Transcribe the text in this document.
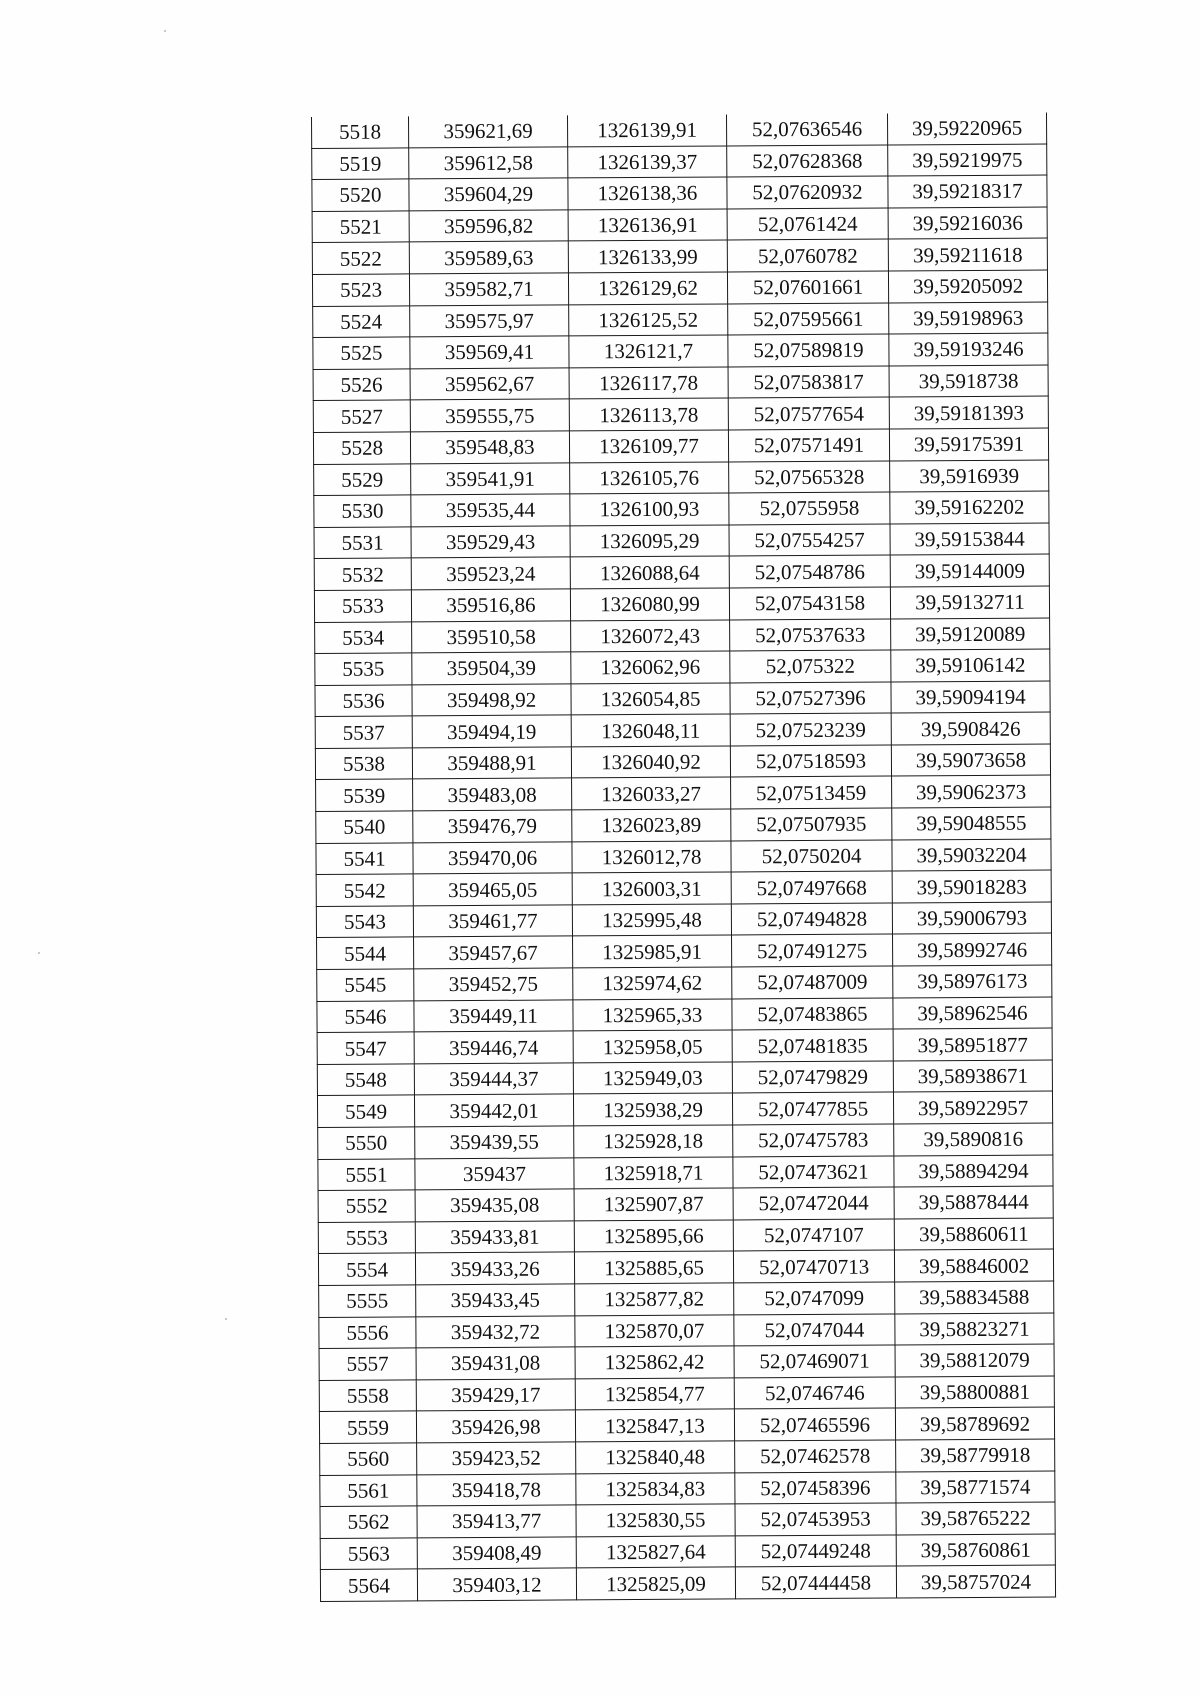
5518	359621,69	1326139,91	52,07636546	39,59220965
5519	359612,58	1326139,37	52,07628368	39,59219975
5520	359604,29	1326138,36	52,07620932	39,59218317
5521	359596,82	1326136,91	52,0761424	39,59216036
5522	359589,63	1326133,99	52,0760782	39,59211618
5523	359582,71	1326129,62	52,07601661	39,59205092
5524	359575,97	1326125,52	52,07595661	39,59198963
5525	359569,41	1326121,7	52,07589819	39,59193246
5526	359562,67	1326117,78	52,07583817	39,5918738
5527	359555,75	1326113,78	52,07577654	39,59181393
5528	359548,83	1326109,77	52,07571491	39,59175391
5529	359541,91	1326105,76	52,07565328	39,5916939
5530	359535,44	1326100,93	52,0755958	39,59162202
5531	359529,43	1326095,29	52,07554257	39,59153844
5532	359523,24	1326088,64	52,07548786	39,59144009
5533	359516,86	1326080,99	52,07543158	39,59132711
5534	359510,58	1326072,43	52,07537633	39,59120089
5535	359504,39	1326062,96	52,075322	39,59106142
5536	359498,92	1326054,85	52,07527396	39,59094194
5537	359494,19	1326048,11	52,07523239	39,5908426
5538	359488,91	1326040,92	52,07518593	39,59073658
5539	359483,08	1326033,27	52,07513459	39,59062373
5540	359476,79	1326023,89	52,07507935	39,59048555
5541	359470,06	1326012,78	52,0750204	39,59032204
5542	359465,05	1326003,31	52,07497668	39,59018283
5543	359461,77	1325995,48	52,07494828	39,59006793
5544	359457,67	1325985,91	52,07491275	39,58992746
5545	359452,75	1325974,62	52,07487009	39,58976173
5546	359449,11	1325965,33	52,07483865	39,58962546
5547	359446,74	1325958,05	52,07481835	39,58951877
5548	359444,37	1325949,03	52,07479829	39,58938671
5549	359442,01	1325938,29	52,07477855	39,58922957
5550	359439,55	1325928,18	52,07475783	39,5890816
5551	359437	1325918,71	52,07473621	39,58894294
5552	359435,08	1325907,87	52,07472044	39,58878444
5553	359433,81	1325895,66	52,0747107	39,58860611
5554	359433,26	1325885,65	52,07470713	39,58846002
5555	359433,45	1325877,82	52,0747099	39,58834588
5556	359432,72	1325870,07	52,0747044	39,58823271
5557	359431,08	1325862,42	52,07469071	39,58812079
5558	359429,17	1325854,77	52,0746746	39,58800881
5559	359426,98	1325847,13	52,07465596	39,58789692
5560	359423,52	1325840,48	52,07462578	39,58779918
5561	359418,78	1325834,83	52,07458396	39,58771574
5562	359413,77	1325830,55	52,07453953	39,58765222
5563	359408,49	1325827,64	52,07449248	39,58760861
5564	359403,12	1325825,09	52,07444458	39,58757024
